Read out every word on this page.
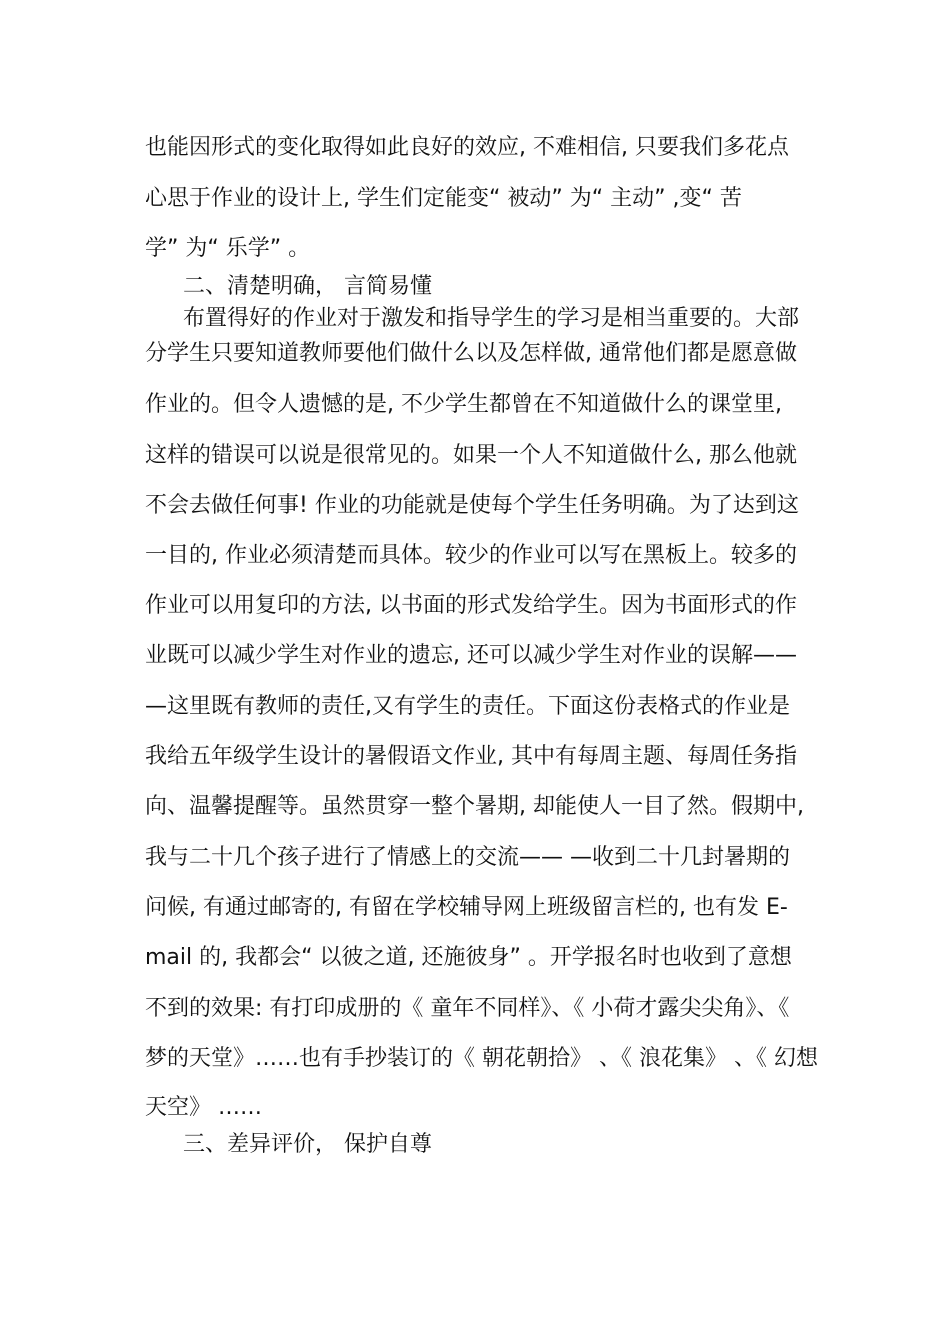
也能因形式的变化取得如此良好的效应, 不难相信, 只要我们多花点
心思于作业的设计上, 学生们定能变“ 被动” 为“ 主动” ,变“ 苦
学” 为“ 乐学” 。
二、清楚明确， 言简易懂
布置得好的作业对于激发和指导学生的学习是相当重要的。大部
分学生只要知道教师要他们做什么以及怎样做, 通常他们都是愿意做
作业的。但令人遗憾的是, 不少学生都曾在不知道做什么的课堂里,
这样的错误可以说是很常见的。如果一个人不知道做什么, 那么他就
不会去做任何事! 作业的功能就是使每个学生任务明确。为了达到这
一目的, 作业必须清楚而具体。较少的作业可以写在黑板上。较多的
作业可以用复印的方法, 以书面的形式发给学生。因为书面形式的作
业既可以减少学生对作业的遗忘, 还可以减少学生对作业的误解——
—这里既有教师的责任,又有学生的责任。下面这份表格式的作业是
我给五年级学生设计的暑假语文作业, 其中有每周主题、每周任务指
向、温馨提醒等。虽然贯穿一整个暑期, 却能使人一目了然。假期中,
我与二十几个孩子进行了情感上的交流—— —收到二十几封暑期的
问候, 有通过邮寄的, 有留在学校辅导网上班级留言栏的, 也有发 E-
mail 的, 我都会“ 以彼之道, 还施彼身” 。开学报名时也收到了意想
不到的效果: 有打印成册的《 童年不同样》、《 小荷才露尖尖角》、《
梦的天堂》……也有手抄装订的《 朝花朝拾》 、《 浪花集》 、《 幻想
天空》 ……
三、差异评价， 保护自尊
